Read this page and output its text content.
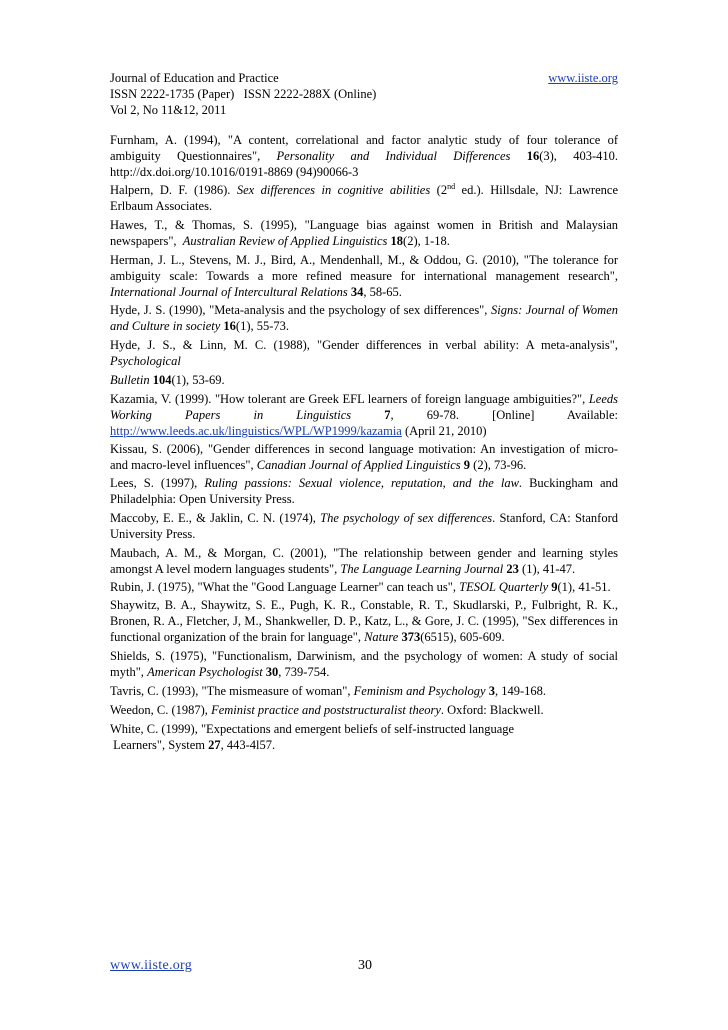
Journal of Education and Practice	www.iiste.org
ISSN 2222-1735 (Paper)   ISSN 2222-288X (Online)
Vol 2, No 11&12, 2011

Furnham, A. (1994), "A content, correlational and factor analytic study of four tolerance of ambiguity Questionnaires", Personality and Individual Differences 16(3), 403-410. http://dx.doi.org/10.1016/0191-8869 (94)90066-3

Halpern, D. F. (1986). Sex differences in cognitive abilities (2nd ed.). Hillsdale, NJ: Lawrence Erlbaum Associates.

Hawes, T., & Thomas, S. (1995), "Language bias against women in British and Malaysian newspapers",  Australian Review of Applied Linguistics 18(2), 1-18.

Herman, J. L., Stevens, M. J., Bird, A., Mendenhall, M., & Oddou, G. (2010), "The tolerance for ambiguity scale: Towards a more refined measure for international management research", International Journal of Intercultural Relations 34, 58-65.

Hyde, J. S. (1990), "Meta-analysis and the psychology of sex differences", Signs: Journal of Women and Culture in society 16(1), 55-73.

Hyde, J. S., & Linn, M. C. (1988), "Gender differences in verbal ability: A meta-analysis", Psychological
Bulletin 104(1), 53-69.

Kazamia, V. (1999). "How tolerant are Greek EFL learners of foreign language ambiguities?", Leeds Working Papers in Linguistics	7, 69-78. [Online] Available: http://www.leeds.ac.uk/linguistics/WPL/WP1999/kazamia (April 21, 2010)

Kissau, S. (2006), "Gender differences in second language motivation: An investigation of micro- and macro-level influences", Canadian Journal of Applied Linguistics 9 (2), 73-96.

Lees, S. (1997), Ruling passions: Sexual violence, reputation, and the law. Buckingham and Philadelphia: Open University Press.

Maccoby, E. E., & Jaklin, C. N. (1974), The psychology of sex differences. Stanford, CA: Stanford University Press.

Maubach, A. M., & Morgan, C. (2001), "The relationship between gender and learning styles amongst A level modern languages students", The Language Learning Journal 23 (1), 41-47.

Rubin, J. (1975), "What the "Good Language Learner" can teach us", TESOL Quarterly 9(1), 41-51.

Shaywitz, B. A., Shaywitz, S. E., Pugh, K. R., Constable, R. T., Skudlarski, P., Fulbright, R. K., Bronen, R. A., Fletcher, J, M., Shankweller, D. P., Katz, L., & Gore, J. C. (1995), "Sex differences in functional organization of the brain for language", Nature 373(6515), 605-609.

Shields, S. (1975), "Functionalism, Darwinism, and the psychology of women: A study of social myth", American Psychologist 30, 739-754.

Tavris, C. (1993), "The mismeasure of woman", Feminism and Psychology 3, 149-168.

Weedon, C. (1987), Feminist practice and poststructuralist theory. Oxford: Blackwell.

White, C. (1999), "Expectations and emergent beliefs of self-instructed language
Learners", System 27, 443-4l57.

www.iiste.org	30
